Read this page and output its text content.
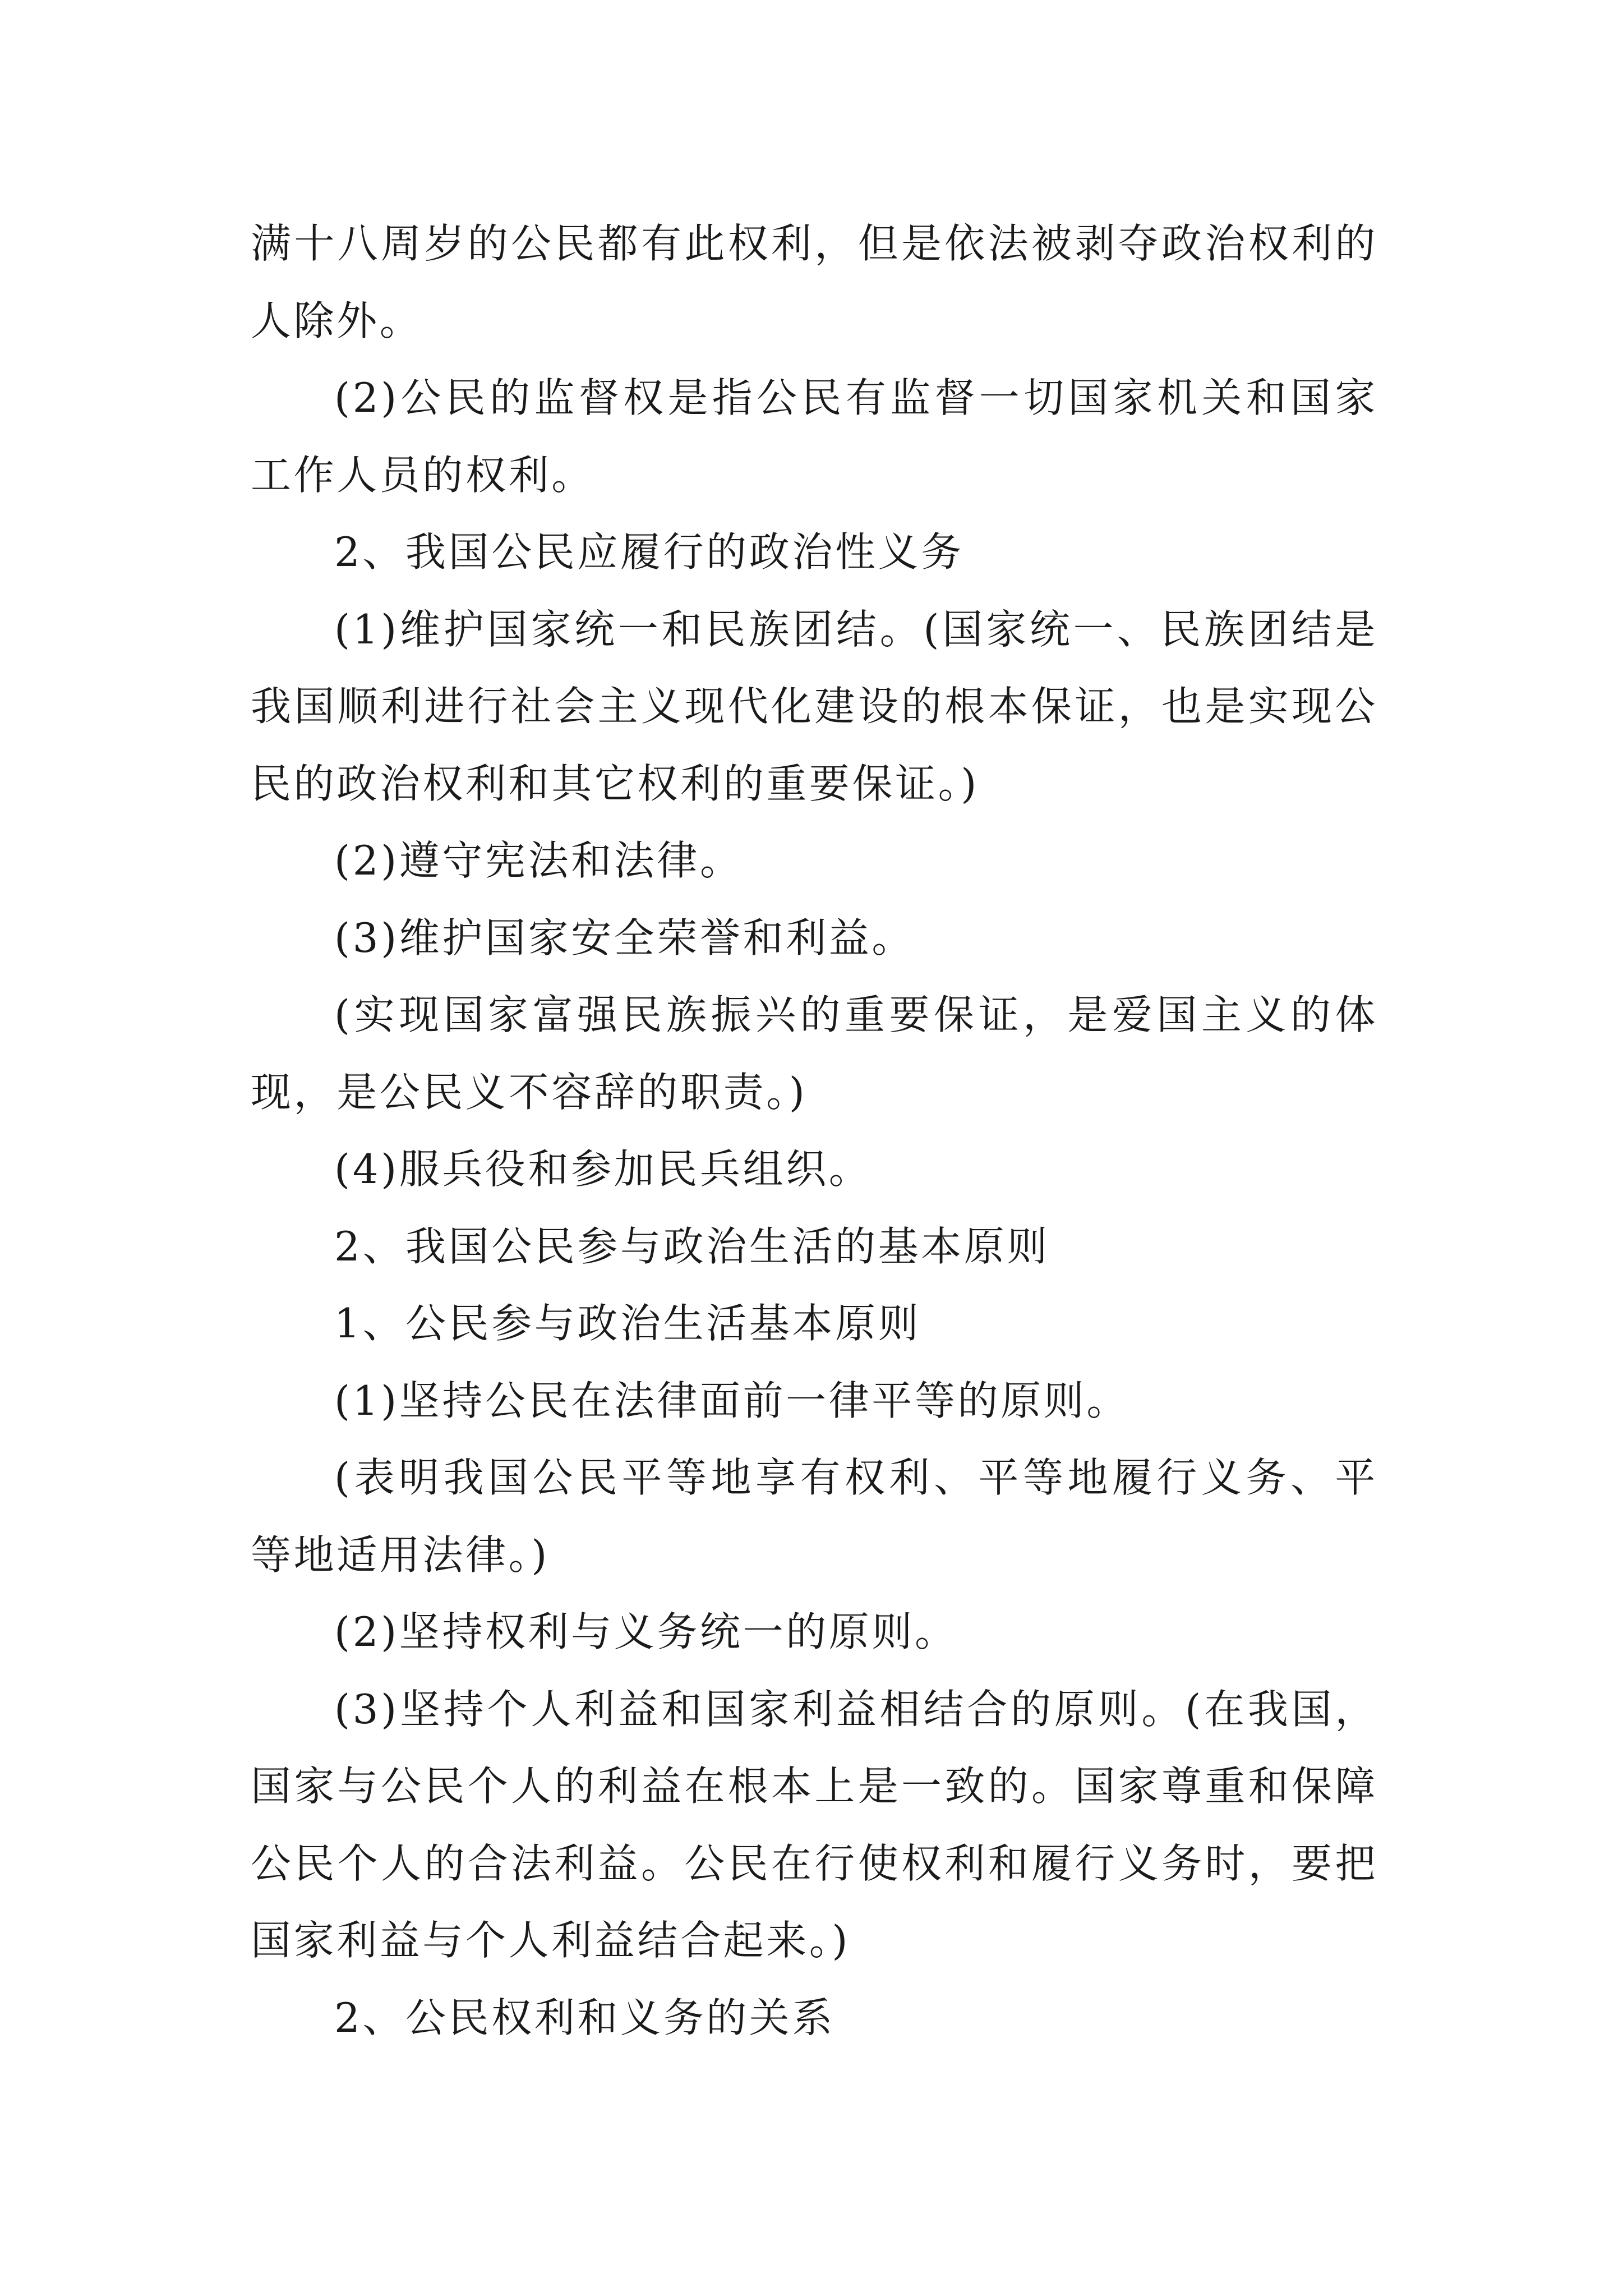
满十八周岁的公民都有此权利，但是依法被剥夺政治权利的人除外。

(2)公民的监督权是指公民有监督一切国家机关和国家工作人员的权利。

2、我国公民应履行的政治性义务

(1)维护国家统一和民族团结。(国家统一、民族团结是我国顺利进行社会主义现代化建设的根本保证，也是实现公民的政治权利和其它权利的重要保证。)

(2)遵守宪法和法律。

(3)维护国家安全荣誉和利益。

(实现国家富强民族振兴的重要保证，是爱国主义的体现，是公民义不容辞的职责。)

(4)服兵役和参加民兵组织。

2、我国公民参与政治生活的基本原则

1、公民参与政治生活基本原则

(1)坚持公民在法律面前一律平等的原则。

(表明我国公民平等地享有权利、平等地履行义务、平等地适用法律。)

(2)坚持权利与义务统一的原则。

(3)坚持个人利益和国家利益相结合的原则。(在我国，国家与公民个人的利益在根本上是一致的。国家尊重和保障公民个人的合法利益。公民在行使权利和履行义务时，要把国家利益与个人利益结合起来。)

2、公民权利和义务的关系
